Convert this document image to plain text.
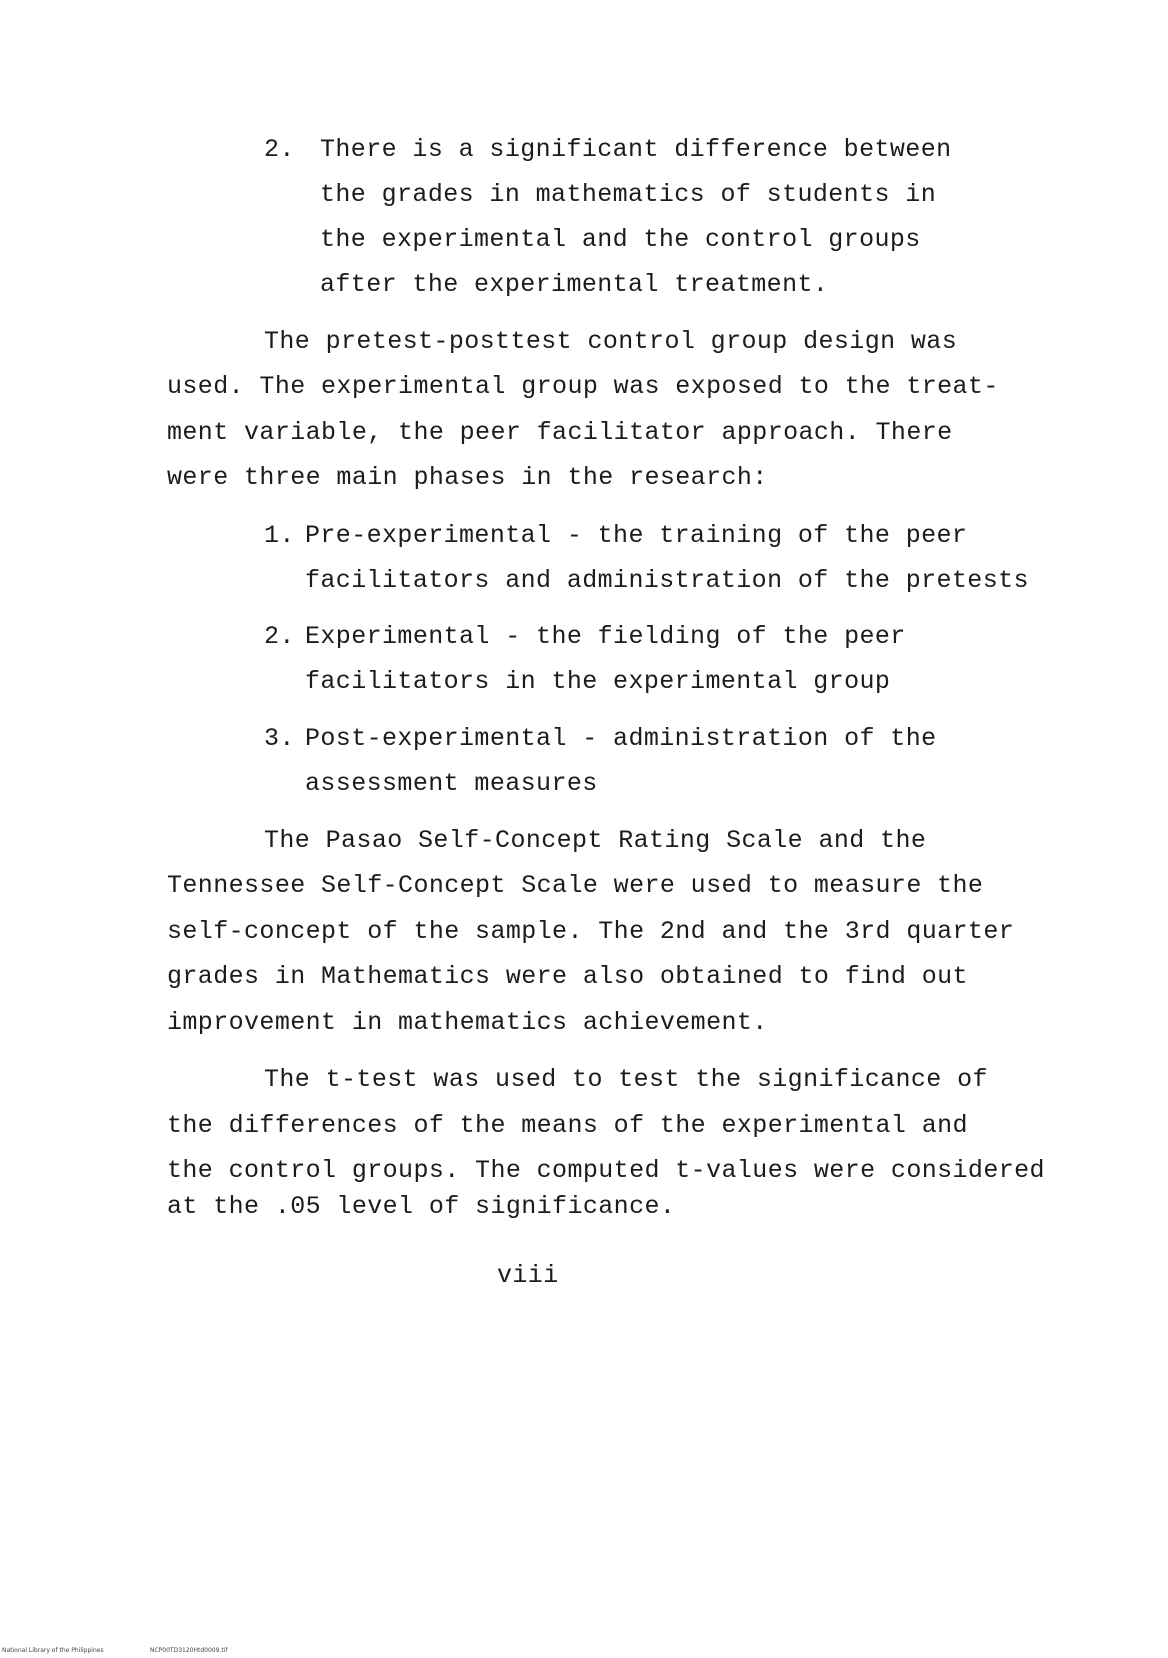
2. There is a significant difference between
the grades in mathematics of students in
the experimental and the control groups
after the experimental treatment.
The pretest-posttest control group design was
used. The experimental group was exposed to the treat-
ment variable, the peer facilitator approach. There
were three main phases in the research:
1. Pre-experimental - the training of the peer
facilitators and administration of the pretests
2. Experimental - the fielding of the peer
facilitators in the experimental group
3. Post-experimental - administration of the
assessment measures
The Pasao Self-Concept Rating Scale and the
Tennessee Self-Concept Scale were used to measure the
self-concept of the sample. The 2nd and the 3rd quarter
grades in Mathematics were also obtained to find out
improvement in mathematics achievement.
The t-test was used to test the significance of
the differences of the means of the experimental and
the control groups. The computed t-values were considered
at the .05 level of significance.
viii
National Library of the Philippines	NCP00TD3120Htd0009.tif
